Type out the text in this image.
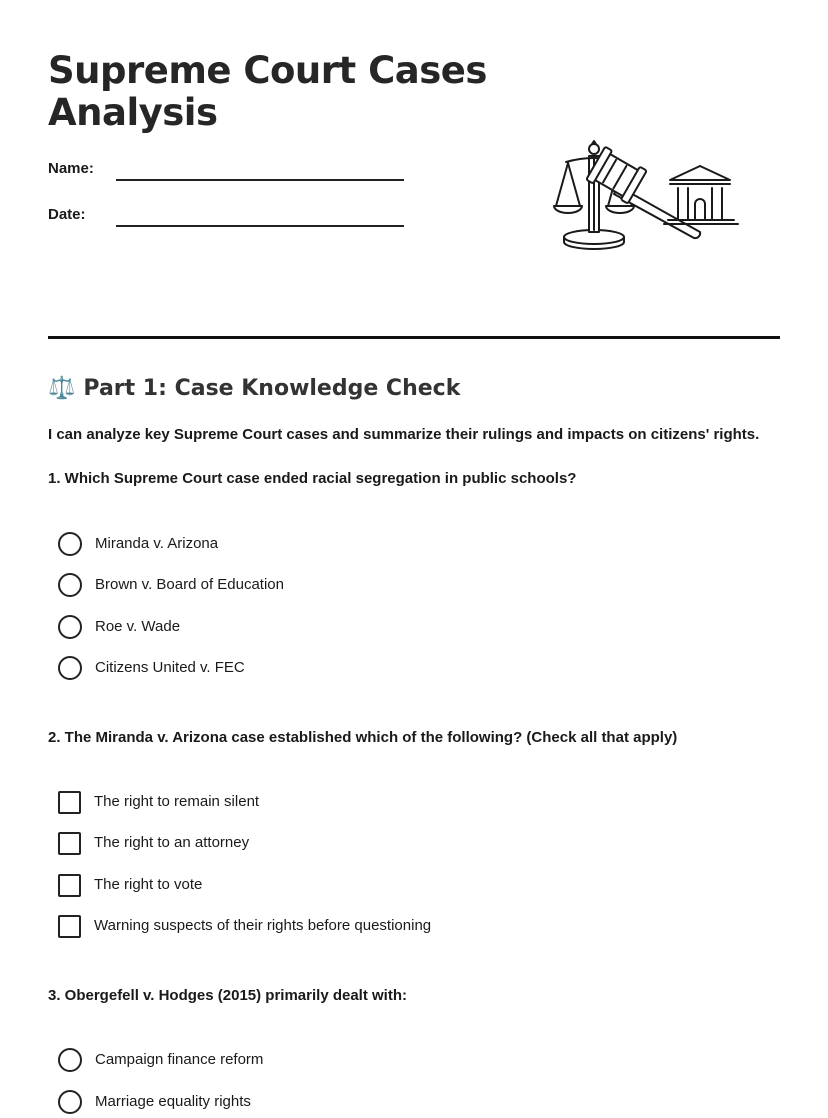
Supreme Court Cases
Analysis
Name:
Date:
⚖️ Part 1: Case Knowledge Check
I can analyze key Supreme Court cases and summarize their rulings and impacts on citizens' rights.
1. Which Supreme Court case ended racial segregation in public schools?
Miranda v. Arizona
Brown v. Board of Education
Roe v. Wade
Citizens United v. FEC
2. The Miranda v. Arizona case established which of the following? (Check all that apply)
The right to remain silent
The right to an attorney
The right to vote
Warning suspects of their rights before questioning
3. Obergefell v. Hodges (2015) primarily dealt with:
Campaign finance reform
Marriage equality rights
